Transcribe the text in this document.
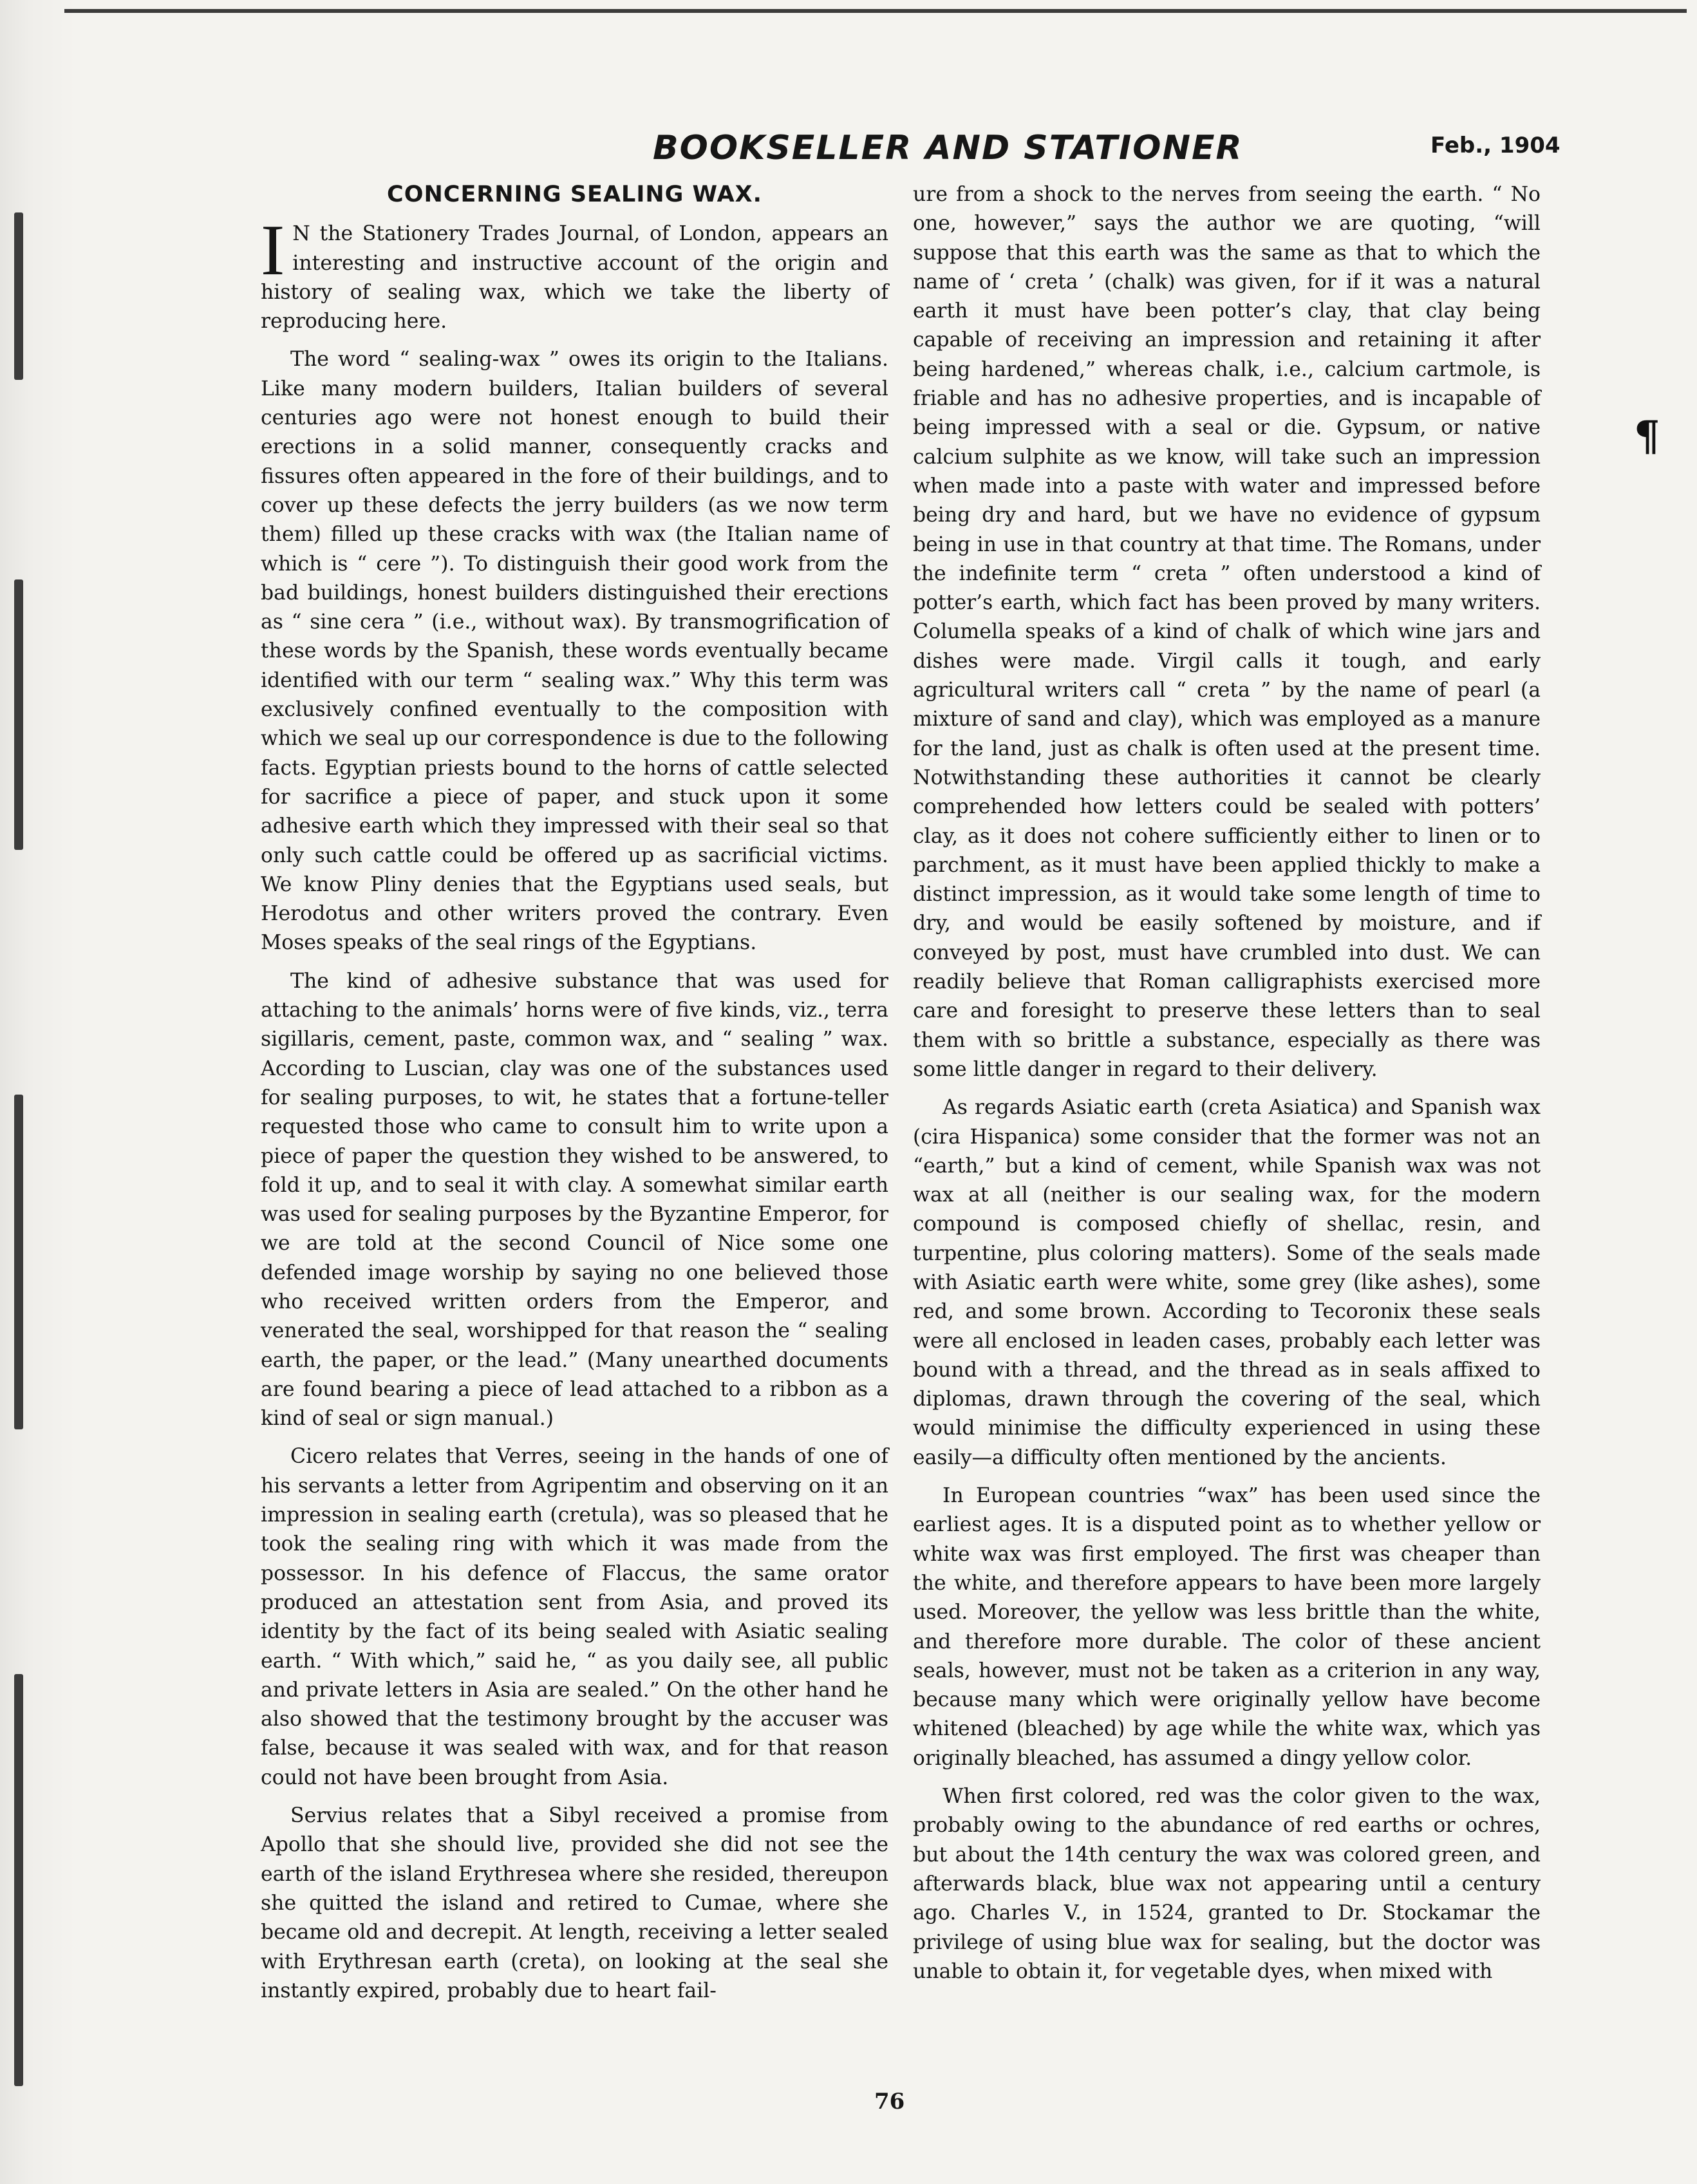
BOOKSELLER AND STATIONER	Feb., 1904
CONCERNING SEALING WAX.

I N the Stationery Trades Journal, of London, appears an interesting and instructive account of the origin and history of sealing wax, which we take the liberty of reproducing here.

The word “ sealing-wax ” owes its origin to the Italians. Like many modern builders, Italian builders of several centuries ago were not honest enough to build their erections in a solid manner, consequently cracks and fissures often appeared in the fore of their buildings, and to cover up these defects the jerry builders (as we now term them) filled up these cracks with wax (the Italian name of which is “ cere ”). To distinguish their good work from the bad buildings, honest builders distinguished their erections as “ sine cera ” (i.e., without wax). By transmogrification of these words by the Spanish, these words eventually became identified with our term “ sealing wax.” Why this term was exclusively confined eventually to the composition with which we seal up our correspondence is due to the following facts. Egyptian priests bound to the horns of cattle selected for sacrifice a piece of paper, and stuck upon it some adhesive earth which they impressed with their seal so that only such cattle could be offered up as sacrificial victims. We know Pliny denies that the Egyptians used seals, but Herodotus and other writers proved the contrary. Even Moses speaks of the seal rings of the Egyptians.

The kind of adhesive substance that was used for attaching to the animals’ horns were of five kinds, viz., terra sigillaris, cement, paste, common wax, and “ sealing ” wax. According to Luscian, clay was one of the substances used for sealing purposes, to wit, he states that a fortune-teller requested those who came to consult him to write upon a piece of paper the question they wished to be answered, to fold it up, and to seal it with clay. A somewhat similar earth was used for sealing purposes by the Byzantine Emperor, for we are told at the second Council of Nice some one defended image worship by saying no one believed those who received written orders from the Emperor, and venerated the seal, worshipped for that reason the “ sealing earth, the paper, or the lead.” (Many unearthed documents are found bearing a piece of lead attached to a ribbon as a kind of seal or sign manual.)

Cicero relates that Verres, seeing in the hands of one of his servants a letter from Agripentim and observing on it an impression in sealing earth (cretula), was so pleased that he took the sealing ring with which it was made from the possessor. In his defence of Flaccus, the same orator produced an attestation sent from Asia, and proved its identity by the fact of its being sealed with Asiatic sealing earth. “ With which,” said he, “ as you daily see, all public and private letters in Asia are sealed.” On the other hand he also showed that the testimony brought by the accuser was false, because it was sealed with wax, and for that reason could not have been brought from Asia.

Servius relates that a Sibyl received a promise from Apollo that she should live, provided she did not see the earth of the island Erythresea where she resided, thereupon she quitted the island and retired to Cumae, where she became old and decrepit. At length, receiving a letter sealed with Erythresan earth (creta), on looking at the seal she instantly expired, probably due to heart fail-

ure from a shock to the nerves from seeing the earth. “ No one, however,” says the author we are quoting, “will suppose that this earth was the same as that to which the name of ‘ creta ’ (chalk) was given, for if it was a natural earth it must have been potter’s clay, that clay being capable of receiving an impression and retaining it after being hardened,” whereas chalk, i.e., calcium cartmole, is friable and has no adhesive properties, and is incapable of being impressed with a seal or die. Gypsum, or native calcium sulphite as we know, will take such an impression when made into a paste with water and impressed before being dry and hard, but we have no evidence of gypsum being in use in that country at that time. The Romans, under the indefinite term “ creta ” often understood a kind of potter’s earth, which fact has been proved by many writers. Columella speaks of a kind of chalk of which wine jars and dishes were made. Virgil calls it tough, and early agricultural writers call “ creta ” by the name of pearl (a mixture of sand and clay), which was employed as a manure for the land, just as chalk is often used at the present time. Notwithstanding these authorities it cannot be clearly comprehended how letters could be sealed with potters’ clay, as it does not cohere sufficiently either to linen or to parchment, as it must have been applied thickly to make a distinct impression, as it would take some length of time to dry, and would be easily softened by moisture, and if conveyed by post, must have crumbled into dust. We can readily believe that Roman calligraphists exercised more care and foresight to preserve these letters than to seal them with so brittle a substance, especially as there was some little danger in regard to their delivery.

As regards Asiatic earth (creta Asiatica) and Spanish wax (cira Hispanica) some consider that the former was not an “earth,” but a kind of cement, while Spanish wax was not wax at all (neither is our sealing wax, for the modern compound is composed chiefly of shellac, resin, and turpentine, plus coloring matters). Some of the seals made with Asiatic earth were white, some grey (like ashes), some red, and some brown. According to Tecoronix these seals were all enclosed in leaden cases, probably each letter was bound with a thread, and the thread as in seals affixed to diplomas, drawn through the covering of the seal, which would minimise the difficulty experienced in using these easily—a difficulty often mentioned by the ancients.

In European countries “wax” has been used since the earliest ages. It is a disputed point as to whether yellow or white wax was first employed. The first was cheaper than the white, and therefore appears to have been more largely used. Moreover, the yellow was less brittle than the white, and therefore more durable. The color of these ancient seals, however, must not be taken as a criterion in any way, because many which were originally yellow have become whitened (bleached) by age while the white wax, which yas originally bleached, has assumed a dingy yellow color.

When first colored, red was the color given to the wax, probably owing to the abundance of red earths or ochres, but about the 14th century the wax was colored green, and afterwards black, blue wax not appearing until a century ago. Charles V., in 1524, granted to Dr. Stockamar the privilege of using blue wax for sealing, but the doctor was unable to obtain it, for vegetable dyes, when mixed with

¶
76
